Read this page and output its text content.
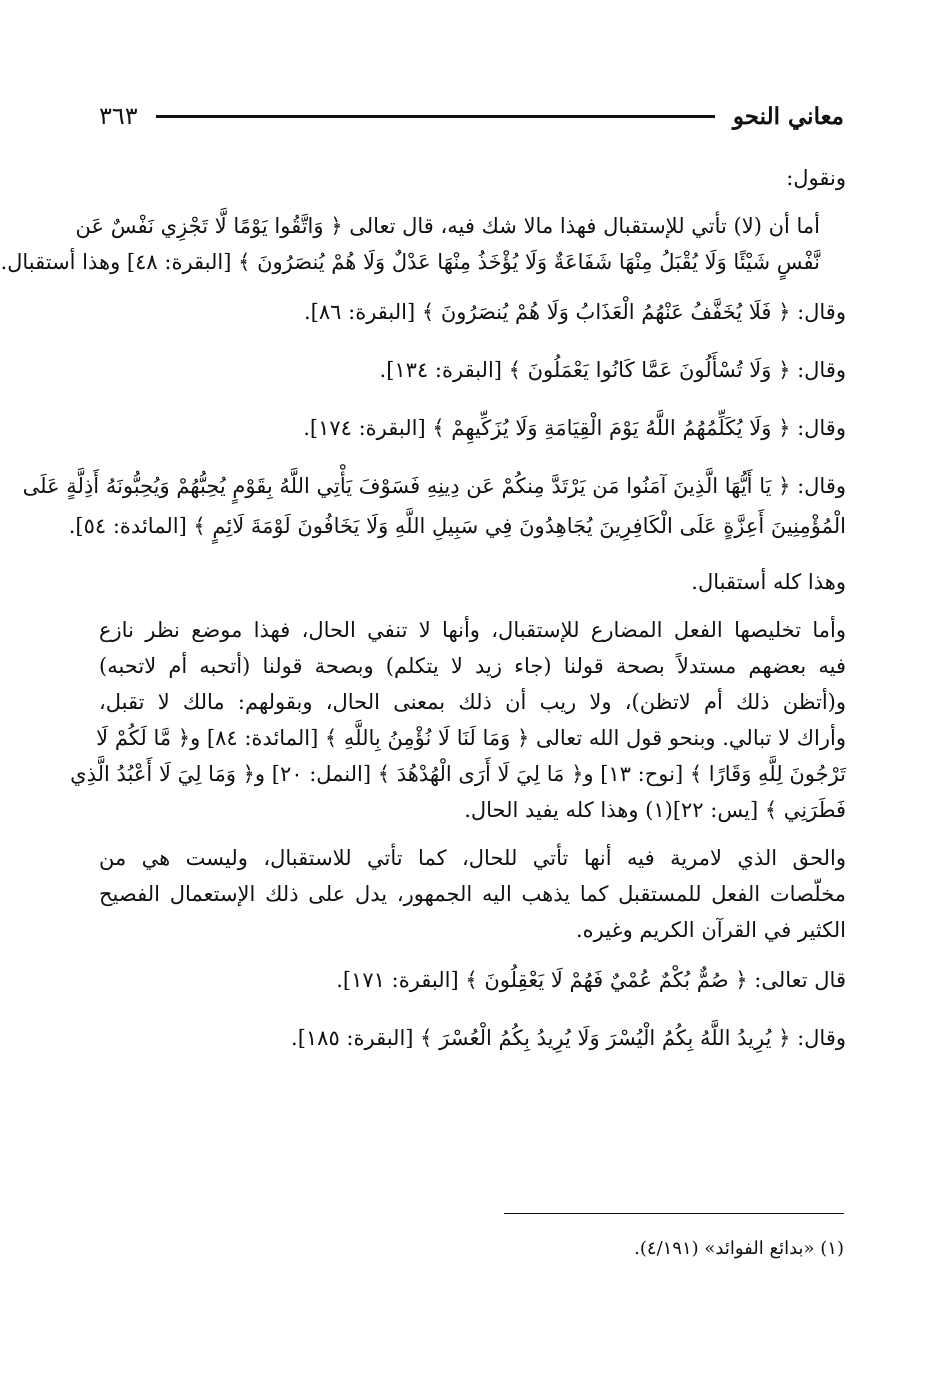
معاني النحو
٣٦٣
ونقول:
أما أن (لا) تأتي للإستقبال فهذا مالا شك فيه، قال تعالى ﴿ وَاتَّقُوا يَوْمًا لَّا تَجْزِي نَفْسٌ عَن
نَّفْسٍ شَيْئًا وَلَا يُقْبَلُ مِنْهَا شَفَاعَةٌ وَلَا يُؤْخَذُ مِنْهَا عَدْلٌ وَلَا هُمْ يُنصَرُونَ ﴾ [البقرة: ٤٨] وهذا أستقبال.
وقال: ﴿ فَلَا يُخَفَّفُ عَنْهُمُ الْعَذَابُ وَلَا هُمْ يُنصَرُونَ ﴾ [البقرة: ٨٦].
وقال: ﴿ وَلَا تُسْأَلُونَ عَمَّا كَانُوا يَعْمَلُونَ ﴾ [البقرة: ١٣٤].
وقال: ﴿ وَلَا يُكَلِّمُهُمُ اللَّهُ يَوْمَ الْقِيَامَةِ وَلَا يُزَكِّيهِمْ ﴾ [البقرة: ١٧٤].
وقال: ﴿ يَا أَيُّهَا الَّذِينَ آمَنُوا مَن يَرْتَدَّ مِنكُمْ عَن دِينِهِ فَسَوْفَ يَأْتِي اللَّهُ بِقَوْمٍ يُحِبُّهُمْ وَيُحِبُّونَهُ أَذِلَّةٍ عَلَى
الْمُؤْمِنِينَ أَعِزَّةٍ عَلَى الْكَافِرِينَ يُجَاهِدُونَ فِي سَبِيلِ اللَّهِ وَلَا يَخَافُونَ لَوْمَةَ لَائِمٍ ﴾ [المائدة: ٥٤].
وهذا كله أستقبال.
وأما تخليصها الفعل المضارع للإستقبال، وأنها لا تنفي الحال، فهذا موضع نظر نازع
فيه بعضهم مستدلاً بصحة قولنا (جاء زيد لا يتكلم) وبصحة قولنا (أتحبه أم لاتحبه)
و(أتظن ذلك أم لاتظن)، ولا ريب أن ذلك بمعنى الحال، وبقولهم: مالك لا تقبل،
وأراك لا تبالي. وبنحو قول الله تعالى ﴿ وَمَا لَنَا لَا نُؤْمِنُ بِاللَّهِ ﴾ [المائدة: ٨٤] و﴿ مَّا لَكُمْ لَا
تَرْجُونَ لِلَّهِ وَقَارًا ﴾ [نوح: ١٣] و﴿ مَا لِيَ لَا أَرَى الْهُدْهُدَ ﴾ [النمل: ٢٠] و﴿ وَمَا لِيَ لَا أَعْبُدُ الَّذِي
فَطَرَنِي ﴾ [يس: ٢٢](١) وهذا كله يفيد الحال.
والحق الذي لامرية فيه أنها تأتي للحال، كما تأتي للاستقبال، وليست هي من
مخلّصات الفعل للمستقبل كما يذهب اليه الجمهور، يدل على ذلك الإستعمال الفصيح
الكثير في القرآن الكريم وغيره.
قال تعالى: ﴿ صُمٌّ بُكْمٌ عُمْيٌ فَهُمْ لَا يَعْقِلُونَ ﴾ [البقرة: ١٧١].
وقال: ﴿ يُرِيدُ اللَّهُ بِكُمُ الْيُسْرَ وَلَا يُرِيدُ بِكُمُ الْعُسْرَ ﴾ [البقرة: ١٨٥].
(١) «بدائع الفوائد» (٤/١٩١).
